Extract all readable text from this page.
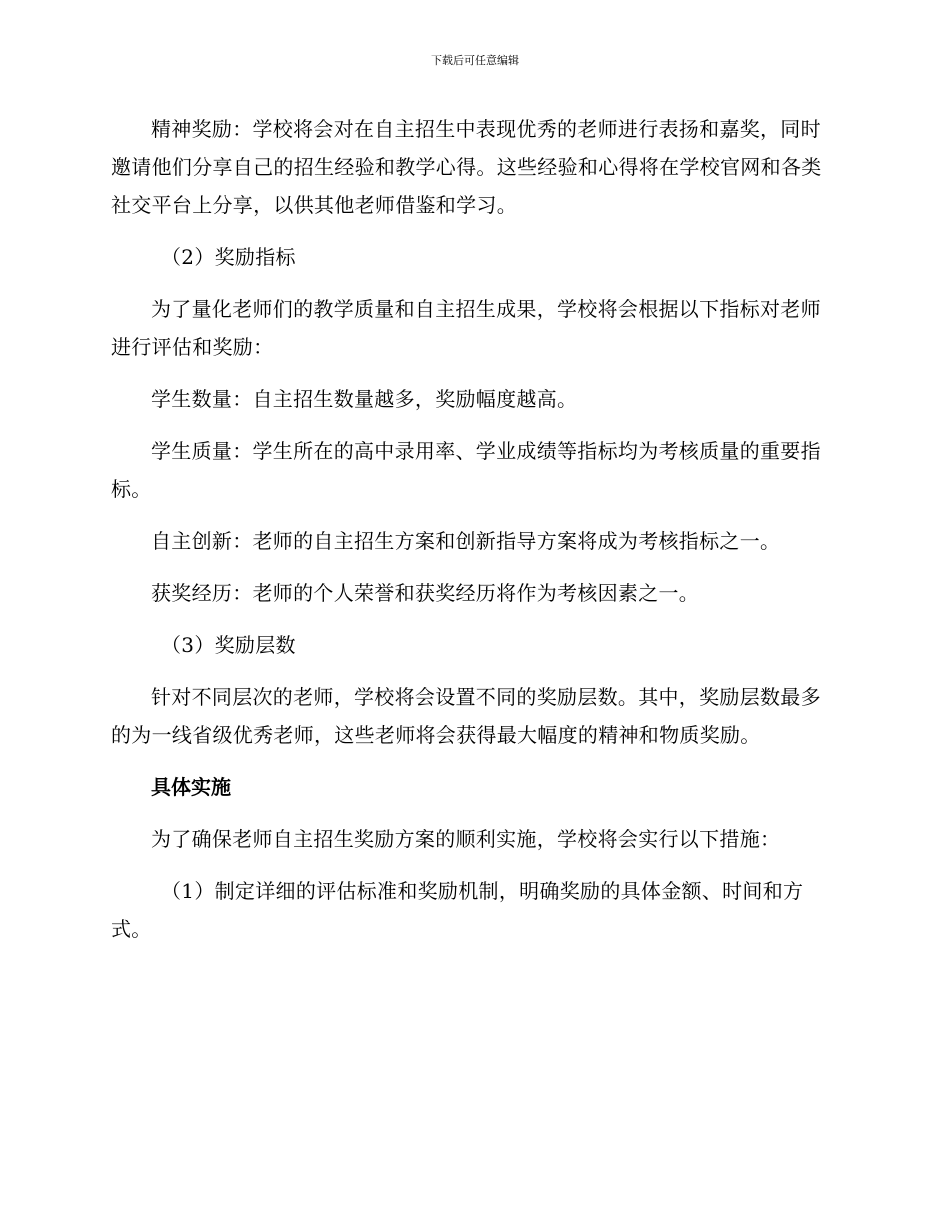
下载后可任意编辑

精神奖励：学校将会对在自主招生中表现优秀的老师进行表扬和嘉奖，同时邀请他们分享自己的招生经验和教学心得。这些经验和心得将在学校官网和各类社交平台上分享，以供其他老师借鉴和学习。

（2）奖励指标

为了量化老师们的教学质量和自主招生成果，学校将会根据以下指标对老师进行评估和奖励：

学生数量：自主招生数量越多，奖励幅度越高。

学生质量：学生所在的高中录用率、学业成绩等指标均为考核质量的重要指标。

自主创新：老师的自主招生方案和创新指导方案将成为考核指标之一。

获奖经历：老师的个人荣誉和获奖经历将作为考核因素之一。

（3）奖励层数

针对不同层次的老师，学校将会设置不同的奖励层数。其中，奖励层数最多的为一线省级优秀老师，这些老师将会获得最大幅度的精神和物质奖励。

具体实施

为了确保老师自主招生奖励方案的顺利实施，学校将会实行以下措施：

（1）制定详细的评估标准和奖励机制，明确奖励的具体金额、时间和方式。
